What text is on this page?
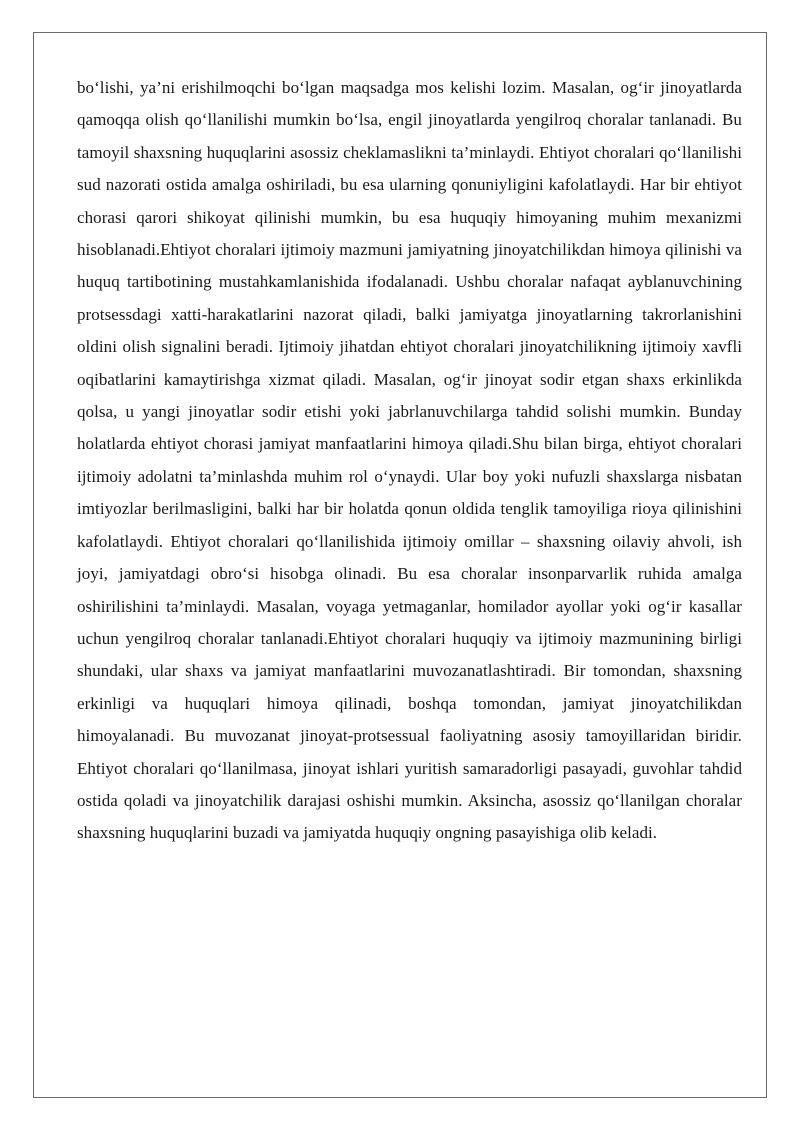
bo‘lishi, ya’ni erishilmoqchi bo‘lgan maqsadga mos kelishi lozim. Masalan, og‘ir jinoyatlarda qamoqqa olish qo‘llanilishi mumkin bo‘lsa, engil jinoyatlarda yengilroq choralar tanlanadi. Bu tamoyil shaxsning huquqlarini asossiz cheklamaslikni ta’minlaydi. Ehtiyot choralari qo‘llanilishi sud nazorati ostida amalga oshiriladi, bu esa ularning qonuniyligini kafolatlaydi. Har bir ehtiyot chorasi qarori shikoyat qilinishi mumkin, bu esa huquqiy himoyaning muhim mexanizmi hisoblanadi.Ehtiyot choralari ijtimoiy mazmuni jamiyatning jinoyatchilikdan himoya qilinishi va huquq tartibotining mustahkamlanishida ifodalanadi. Ushbu choralar nafaqat ayblanuvchining protsessdagi xatti-harakatlarini nazorat qiladi, balki jamiyatga jinoyatlarning takrorlanishini oldini olish signalini beradi. Ijtimoiy jihatdan ehtiyot choralari jinoyatchilikning ijtimoiy xavfli oqibatlarini kamaytirishga xizmat qiladi. Masalan, og‘ir jinoyat sodir etgan shaxs erkinlikda qolsa, u yangi jinoyatlar sodir etishi yoki jabrlanuvchilarga tahdid solishi mumkin. Bunday holatlarda ehtiyot chorasi jamiyat manfaatlarini himoya qiladi.Shu bilan birga, ehtiyot choralari ijtimoiy adolatni ta’minlashda muhim rol o‘ynaydi. Ular boy yoki nufuzli shaxslarga nisbatan imtiyozlar berilmasligini, balki har bir holatda qonun oldida tenglik tamoyiliga rioya qilinishini kafolatlaydi. Ehtiyot choralari qo‘llanilishida ijtimoiy omillar – shaxsning oilaviy ahvoli, ish joyi, jamiyatdagi obro‘si hisobga olinadi. Bu esa choralar insonparvarlik ruhida amalga oshirilishini ta’minlaydi. Masalan, voyaga yetmaganlar, homilador ayollar yoki og‘ir kasallar uchun yengilroq choralar tanlanadi.Ehtiyot choralari huquqiy va ijtimoiy mazmunining birligi shundaki, ular shaxs va jamiyat manfaatlarini muvozanatlashtiradi. Bir tomondan, shaxsning erkinligi va huquqlari himoya qilinadi, boshqa tomondan, jamiyat jinoyatchilikdan himoyalanadi. Bu muvozanat jinoyat-protsessual faoliyatning asosiy tamoyillaridan biridir. Ehtiyot choralari qo‘llanilmasa, jinoyat ishlari yuritish samaradorligi pasayadi, guvohlar tahdid ostida qoladi va jinoyatchilik darajasi oshishi mumkin. Aksincha, asossiz qo‘llanilgan choralar shaxsning huquqlarini buzadi va jamiyatda huquqiy ongning pasayishiga olib keladi.
